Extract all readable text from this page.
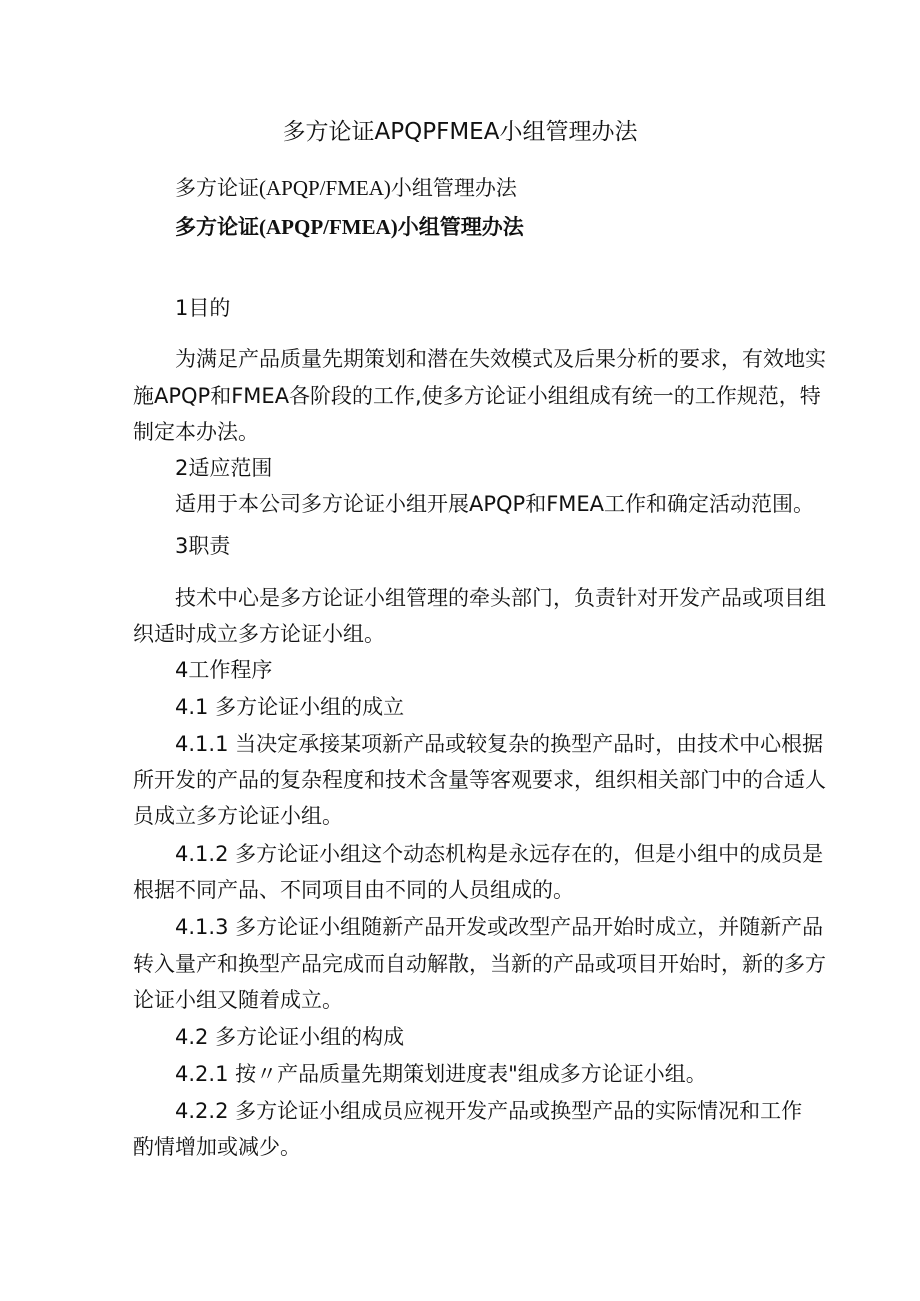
多方论证APQPFMEA小组管理办法
多方论证(APQP/FMEA)小组管理办法
多方论证(APQP/FMEA)小组管理办法
1目的
为满足产品质量先期策划和潜在失效模式及后果分析的要求，有效地实
施APQP和FMEA各阶段的工作,使多方论证小组组成有统一的工作规范，特
制定本办法。
2适应范围
适用于本公司多方论证小组开展APQP和FMEA工作和确定活动范围。
3职责
技术中心是多方论证小组管理的牵头部门，负责针对开发产品或项目组
织适时成立多方论证小组。
4工作程序
4.1 多方论证小组的成立
4.1.1 当决定承接某项新产品或较复杂的换型产品时，由技术中心根据
所开发的产品的复杂程度和技术含量等客观要求，组织相关部门中的合适人
员成立多方论证小组。
4.1.2 多方论证小组这个动态机构是永远存在的，但是小组中的成员是
根据不同产品、不同项目由不同的人员组成的。
4.1.3 多方论证小组随新产品开发或改型产品开始时成立，并随新产品
转入量产和换型产品完成而自动解散，当新的产品或项目开始时，新的多方
论证小组又随着成立。
4.2 多方论证小组的构成
4.2.1 按〃产品质量先期策划进度表"组成多方论证小组。
4.2.2 多方论证小组成员应视开发产品或换型产品的实际情况和工作
酌情增加或减少。
